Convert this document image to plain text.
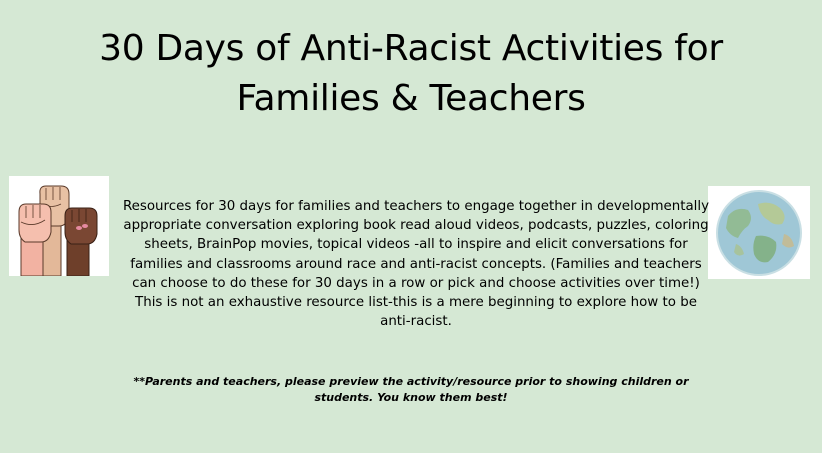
30 Days of Anti-Racist Activities for
Families & Teachers

Resources for 30 days for families and teachers to engage together in developmentally appropriate conversation exploring book read aloud videos, podcasts, puzzles, coloring sheets, BrainPop movies, topical videos -all to inspire and elicit conversations for families and classrooms around race and anti-racist concepts. (Families and teachers can choose to do these for 30 days in a row or pick and choose activities over time!) This is not an exhaustive resource list-this is a mere beginning to explore how to be anti-racist.

**Parents and teachers, please preview the activity/resource prior to showing children or students. You know them best!
